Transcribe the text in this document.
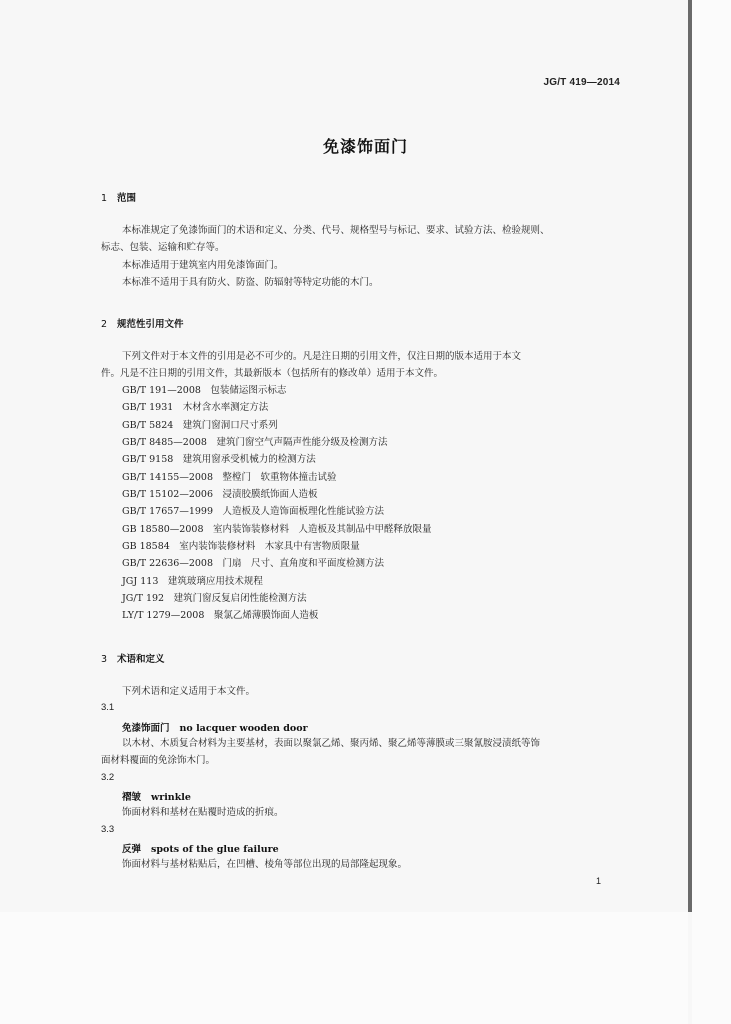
JG/T 419—2014
免漆饰面门
1 范围
本标准规定了免漆饰面门的术语和定义、分类、代号、规格型号与标记、要求、试验方法、检验规则、
标志、包装、运输和贮存等。
本标准适用于建筑室内用免漆饰面门。
本标准不适用于具有防火、防盗、防辐射等特定功能的木门。
2 规范性引用文件
下列文件对于本文件的引用是必不可少的。凡是注日期的引用文件，仅注日期的版本适用于本文
件。凡是不注日期的引用文件，其最新版本（包括所有的修改单）适用于本文件。
GB/T 191—2008　包装储运图示标志
GB/T 1931　木材含水率测定方法
GB/T 5824　建筑门窗洞口尺寸系列
GB/T 8485—2008　建筑门窗空气声隔声性能分级及检测方法
GB/T 9158　建筑用窗承受机械力的检测方法
GB/T 14155—2008　整樘门　软重物体撞击试验
GB/T 15102—2006　浸渍胶膜纸饰面人造板
GB/T 17657—1999　人造板及人造饰面板理化性能试验方法
GB 18580—2008　室内装饰装修材料　人造板及其制品中甲醛释放限量
GB 18584　室内装饰装修材料　木家具中有害物质限量
GB/T 22636—2008　门扇　尺寸、直角度和平面度检测方法
JGJ 113　建筑玻璃应用技术规程
JG/T 192　建筑门窗反复启闭性能检测方法
LY/T 1279—2008　聚氯乙烯薄膜饰面人造板
3 术语和定义
下列术语和定义适用于本文件。
3.1
免漆饰面门 no lacquer wooden door
以木材、木质复合材料为主要基材，表面以聚氯乙烯、聚丙烯、聚乙烯等薄膜或三聚氰胺浸渍纸等饰
面材料覆面的免涂饰木门。
3.2
褶皱 wrinkle
饰面材料和基材在贴覆时造成的折痕。
3.3
反弹 spots of the glue failure
饰面材料与基材粘贴后，在凹槽、棱角等部位出现的局部隆起现象。
1
